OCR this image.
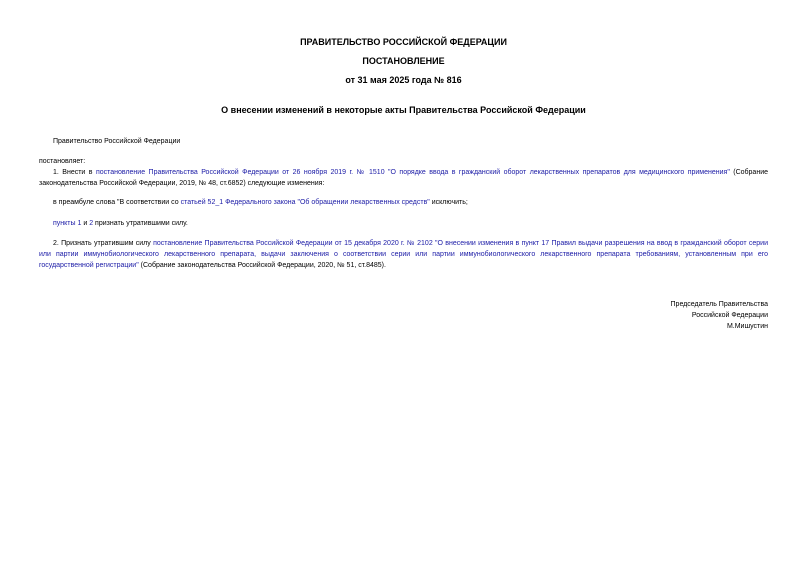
ПРАВИТЕЛЬСТВО РОССИЙСКОЙ ФЕДЕРАЦИИ
ПОСТАНОВЛЕНИЕ
от 31 мая 2025 года № 816
О внесении изменений в некоторые акты Правительства Российской Федерации
Правительство Российской Федерации
постановляет:
1. Внести в постановление Правительства Российской Федерации от 26 ноября 2019 г. № 1510 "О порядке ввода в гражданский оборот лекарственных препаратов для медицинского применения" (Собрание законодательства Российской Федерации, 2019, № 48, ст.6852) следующие изменения:
в преамбуле слова "В соответствии со статьей 52_1 Федерального закона "Об обращении лекарственных средств" исключить;
пункты 1 и 2 признать утратившими силу.
2. Признать утратившим силу постановление Правительства Российской Федерации от 15 декабря 2020 г. № 2102 "О внесении изменения в пункт 17 Правил выдачи разрешения на ввод в гражданский оборот серии или партии иммунобиологического лекарственного препарата, выдачи заключения о соответствии серии или партии иммунобиологического лекарственного препарата требованиям, установленным при его государственной регистрации" (Собрание законодательства Российской Федерации, 2020, № 51, ст.8485).
Председатель Правительства
Российской Федерации
М.Мишустин
